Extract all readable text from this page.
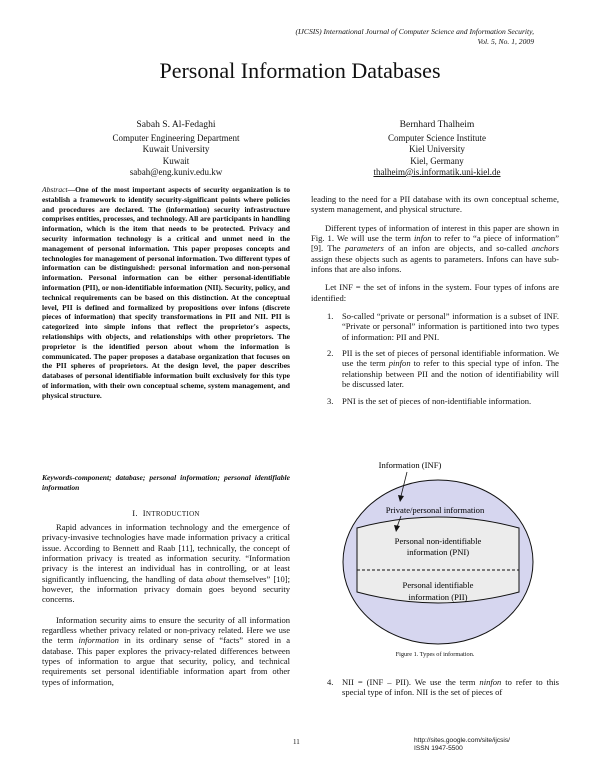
(IJCSIS) International Journal of Computer Science and Information Security,
Vol. 5, No. 1, 2009
Personal Information Databases
Sabah S. Al-Fedaghi
Computer Engineering Department
Kuwait University
Kuwait
sabah@eng.kuniv.edu.kw
Bernhard Thalheim
Computer Science Institute
Kiel University
Kiel, Germany
thalheim@is.informatik.uni-kiel.de
Abstract—One of the most important aspects of security organization is to establish a framework to identify security-significant points where policies and procedures are declared. The (information) security infrastructure comprises entities, processes, and technology. All are participants in handling information, which is the item that needs to be protected. Privacy and security information technology is a critical and unmet need in the management of personal information. This paper proposes concepts and technologies for management of personal information. Two different types of information can be distinguished: personal information and non-personal information. Personal information can be either personal-identifiable information (PII), or non-identifiable information (NII). Security, policy, and technical requirements can be based on this distinction. At the conceptual level, PII is defined and formalized by propositions over infons (discrete pieces of information) that specify transformations in PII and NII. PII is categorized into simple infons that reflect the proprietor's aspects, relationships with objects, and relationships with other proprietors. The proprietor is the identified person about whom the information is communicated. The paper proposes a database organization that focuses on the PII spheres of proprietors. At the design level, the paper describes databases of personal identifiable information built exclusively for this type of information, with their own conceptual scheme, system management, and physical structure.
Keywords-component; database; personal information; personal identifiable information
I. INTRODUCTION

Rapid advances in information technology and the emergence of privacy-invasive technologies have made information privacy a critical issue. According to Bennett and Raab [11], technically, the concept of information privacy is treated as information security. “Information privacy is the interest an individual has in controlling, or at least significantly influencing, the handling of data about themselves” [10]; however, the information privacy domain goes beyond security concerns.

Information security aims to ensure the security of all information regardless whether privacy related or non-privacy related. Here we use the term information in its ordinary sense of “facts” stored in a database. This paper explores the privacy-related differences between types of information to argue that security, policy, and technical requirements set personal identifiable information apart from other types of information,

leading to the need for a PII database with its own conceptual scheme, system management, and physical structure.

Different types of information of interest in this paper are shown in Fig. 1. We will use the term infon to refer to “a piece of information” [9]. The parameters of an infon are objects, and so-called anchors assign these objects such as agents to parameters. Infons can have sub-infons that are also infons.

Let INF = the set of infons in the system. Four types of infons are identified:

1. So-called “private or personal” information is a subset of INF. “Private or personal” information is partitioned into two types of information: PII and PNI.
2. PII is the set of pieces of personal identifiable information. We use the term pinfon to refer to this special type of infon. The relationship between PII and the notion of identifiability will be discussed later.
3. PNI is the set of pieces of non-identifiable information.
Information (INF)
Private/personal information
Personal non-identifiable
information (PNI)
Personal identifiable
information (PII)
Figure 1. Types of information.
4. NII = (INF – PII). We use the term ninfon to refer to this special type of infon. NII is the set of pieces of
11	http://sites.google.com/site/ijcsis/
ISSN 1947-5500
